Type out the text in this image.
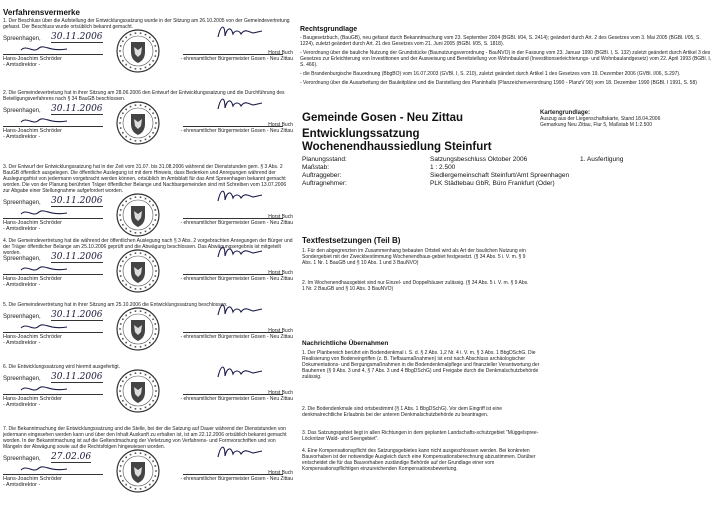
Verfahrensvermerke
1. Der Beschluss über die Aufstellung der Entwicklungssatzung wurde in der Sitzung am 26.10.2005 von der Gemeindevertretung gefasst. Der Beschluss wurde ortsüblich bekannt gemacht.
Spreenhagen, 30.11.2006
Hans-Joachim Schröder
- Amtsdirektor -
Horst Buch
- ehrenamtlicher Bürgermeister Gosen - Neu Zittau
2. Die Gemeindevertretung hat in ihrer Sitzung am 28.06.2006 den Entwurf der Entwicklungssatzung und die Durchführung des Beteiligungsverfahrens nach § 34 BauGB beschlossen.
Spreenhagen, 30.11.2006
Hans-Joachim Schröder
- Amtsdirektor -
Horst Buch
- ehrenamtlicher Bürgermeister Gosen - Neu Zittau
3. Der Entwurf der Entwicklungssatzung hat in der Zeit vom 31.07. bis 31.08.2006 während der Dienststunden gem. § 3 Abs. 2 BauGB öffentlich ausgelegen. Die öffentliche Auslegung ist mit dem Hinweis, dass Bedenken und Anregungen während der Auslegungsfrist von jedermann vorgebracht werden können, ortsüblich im Amtsblatt für das Amt Spreenhagen bekannt gemacht worden. Die von der Planung berührten Träger öffentlicher Belange und Nachbargemeinden sind mit Schreiben vom 13.07.2006 zur Abgabe einer Stellungnahme aufgefordert worden.
Spreenhagen, 30.11.2006
Hans-Joachim Schröder
- Amtsdirektor -
Horst Buch
- ehrenamtlicher Bürgermeister Gosen - Neu Zittau
4. Die Gemeindevertretung hat die während der öffentlichen Auslegung nach § 3 Abs. 2 vorgebrachten Anregungen der Bürger und der Träger öffentlicher Belange am 25.10.2006 geprüft und die Abwägung beschlossen. Das Abwägungsergebnis ist mitgeteilt worden.
Spreenhagen, 30.11.2006
Hans-Joachim Schröder
- Amtsdirektor -
Horst Buch
- ehrenamtlicher Bürgermeister Gosen - Neu Zittau
5. Die Gemeindevertretung hat in ihrer Sitzung am 25.10.2006 die Entwicklungssatzung beschlossen.
Spreenhagen, 30.11.2006
Hans-Joachim Schröder
- Amtsdirektor -
Horst Buch
- ehrenamtlicher Bürgermeister Gosen - Neu Zittau
6. Die Entwicklungssatzung wird hiermit ausgefertigt.
Spreenhagen, 30.11.2006
Hans-Joachim Schröder
- Amtsdirektor -
Horst Buch
- ehrenamtlicher Bürgermeister Gosen - Neu Zittau
7. Die Bekanntmachung der Entwicklungssatzung und die Stelle, bei der die Satzung auf Dauer während der Dienststunden von jedermann eingesehen werden kann und über den Inhalt Auskunft zu erhalten ist, ist am 22.12.2006 ortsüblich bekannt gemacht worden. In der Bekanntmachung ist auf die Geltendmachung der Verletzung von Verfahrens- und Formvorschriften und von Mängeln der Abwägung sowie auf die Rechtsfolgen hingewiesen worden.
Spreenhagen, 27.02.06
Hans-Joachim Schröder
- Amtsdirektor -
Horst Buch
- ehrenamtlicher Bürgermeister Gosen - Neu Zittau
Rechtsgrundlage
- Baugesetzbuch, (BauGB), neu gefasst durch Bekanntmachung vom 23. September 2004 (BGBl. I/04, S. 2414); geändert durch Art. 2 des Gesetzes vom 3. Mai 2005 (BGBl. I/05, S. 1224), zuletzt geändert durch Art. 21 des Gesetzes vom 21. Juni 2005 (BGBl. I/05, S. 1818).
- Verordnung über die bauliche Nutzung der Grundstücke (Baunutzungsverordnung - BauNVO) in der Fassung vom 23. Januar 1990 (BGBl. I, S. 132) zuletzt geändert durch Artikel 3 des Gesetzes zur Erleichterung von Investitionen und der Ausweisung und Bereitstellung von Wohnbauland (Investitionserleichterungs- und Wohnbaulandgesetz) vom 22. April 1993 (BGBl. I, S. 466).
- die Brandenburgische Bauordnung (BbgBO) vom 16.07.2003 (GVBl. I, S. 210), zuletzt geändert durch Artikel 1 des Gesetzes vom 19. Dezember 2006 (GVBl. I/06, S.297).
- Verordnung über die Ausarbeitung der Bauleitpläne und die Darstellung des Planinhalts (Planzeichenverordnung 1990 - PlanzV 90) vom 18. Dezember 1990 (BGBl. I 1991, S. 58)
Gemeinde Gosen - Neu Zittau	Kartengrundlage:
Auszug aus der Liegenschaftskarte, Stand 18.04.2006
Gemarkung Neu Zittau, Flur 5, Maßstab M 1:2.500
Entwicklungssatzung
Wochenendhaussiedlung Steinfurt
Planungsstand:	Satzungsbeschluss Oktober 2006	1. Ausfertigung
Maßstab:	1 : 2.500
Auftraggeber:	Siedlergemeinschaft Steinfurt/Amt Spreenhagen
Auftragnehmer:	PLK Städtebau GbR, Büro Frankfurt (Oder)
Textfestsetzungen (Teil B)
1. Für den abgegrenzten im Zusammenhang bebauten Ortsteil wird als Art der baulichen Nutzung ein Sondergebiet mit der Zweckbestimmung Wochenendhaus-gebiet festgesetzt. (§ 34 Abs. 5 i. V. m. § 9 Abs. 1 Nr. 1 BauGB und § 10 Abs. 1 und 3 BauNVO)
2. Im Wochenendhausgebiet sind nur Einzel- und Doppelhäuser zulässig. (§ 34 Abs. 5 i. V. m. § 9 Abs. 1 Nr. 2 BauGB und § 10 Abs. 3 BauNVO)
Nachrichtliche Übernahmen
1. Der Planbereich berührt ein Bodendenkmal i. S. d. § 2 Abs. 1,2 Nr. 4 i. V. m. § 3 Abs. 1 BbgDSchG. Die Realisierung von Bodeneingriffen (z. B. Tiefbaumaßnahmen) ist erst nach Abschluss archäologischer Dokumentations- und Bergungsmaßnahmen in die Bodendenkmalpflege und finanzieller Verantwortung der Bauherren (§ 9 Abs. 3 und 4, § 7 Abs. 3 und 4 BbgDSchG) und Freigabe durch die Denkmalschutzbehörde zulässig.
2. Die Bodendenkmale sind ortsbestimmt (§ 1 Abs. 1 BbgDSchG). Vor dem Eingriff ist eine denkmalrechtliche Erlaubnis bei der unteren Denkmalschutzbehörde zu beantragen.
3. Das Satzungsgebiet liegt in allen Richtungen in dem geplanten Landschafts-schutzgebiet "Müggelspree-Löcknitzer Wald- und Seengebiet".
4. Eine Kompensationspflicht des Satzungsgebietes kann nicht ausgeschlossen werden. Bei konkreten Bauvorhaben ist der notwendige Ausgleich durch eine Kompensationsberechnung abzustimmen. Darüber entscheidet die für das Bauvorhaben zuständige Behörde auf der Grundlage einer vom Kompensationspflichtigen einzureichenden Kompensationsbewertung.
